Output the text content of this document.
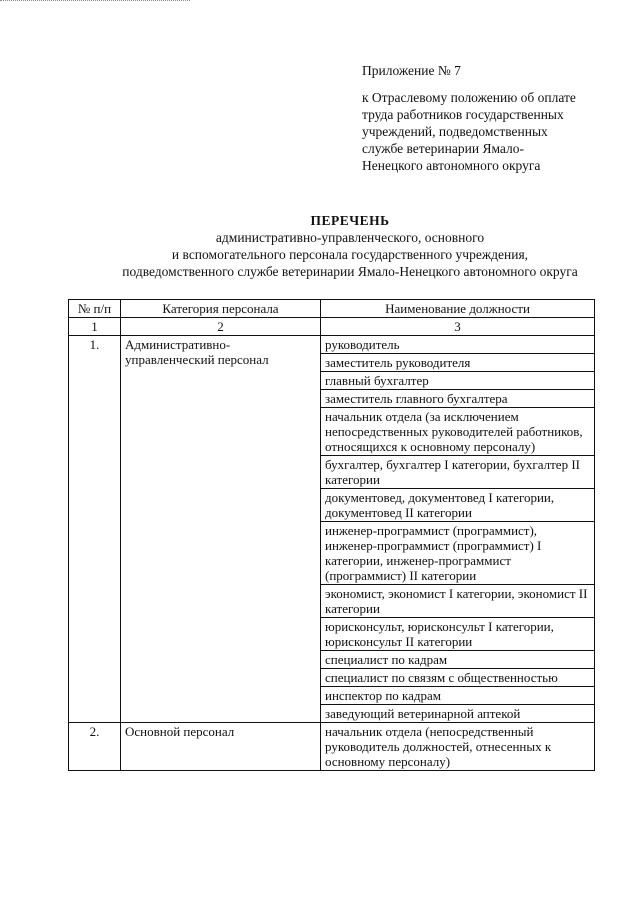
Приложение № 7
к Отраслевому положению об оплате
труда работников государственных
учреждений, подведомственных
службе ветеринарии Ямало-
Ненецкого автономного округа
ПЕРЕЧЕНЬ
административно-управленческого, основного
и вспомогательного персонала государственного учреждения,
подведомственного службе ветеринарии Ямало-Ненецкого автономного округа
№ п/п	Категория персонала	Наименование должности
1	2	3
1.	Административно-управленческий персонал	руководитель
		заместитель руководителя
		главный бухгалтер
		заместитель главного бухгалтера
		начальник отдела (за исключением непосредственных руководителей работников, относящихся к основному персоналу)
		бухгалтер, бухгалтер I категории, бухгалтер II категории
		документовед, документовед I категории, документовед II категории
		инженер-программист (программист), инженер-программист (программист) I категории, инженер-программист (программист) II категории
		экономист, экономист I категории, экономист II категории
		юрисконсульт, юрисконсульт I категории, юрисконсульт II категории
		специалист по кадрам
		специалист по связям с общественностью
		инспектор по кадрам
		заведующий ветеринарной аптекой
2.	Основной персонал	начальник отдела (непосредственный руководитель должностей, отнесенных к основному персоналу)
